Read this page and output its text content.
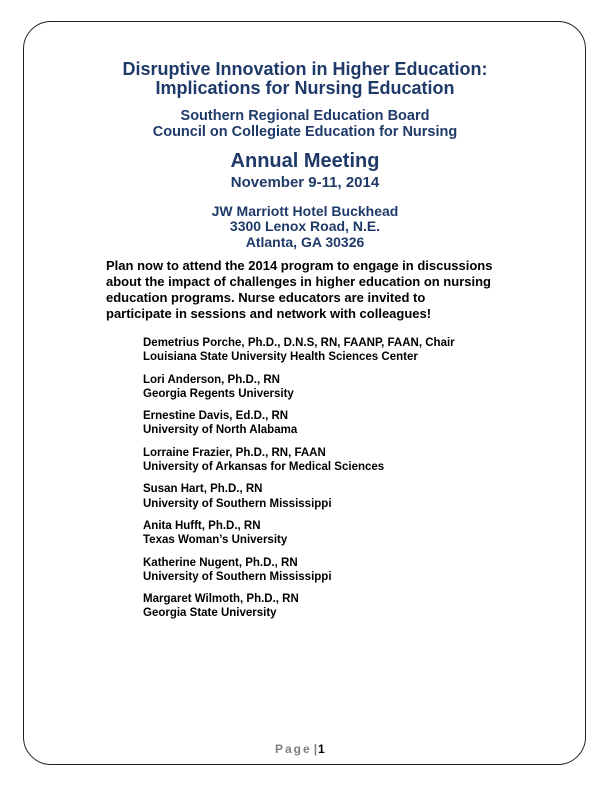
Disruptive Innovation in Higher Education:
Implications for Nursing Education
Southern Regional Education Board
Council on Collegiate Education for Nursing
Annual Meeting
November 9-11, 2014
JW Marriott Hotel Buckhead
3300 Lenox Road, N.E.
Atlanta, GA 30326
Plan now to attend the 2014 program to engage in discussions
about the impact of challenges in higher education on nursing
education programs. Nurse educators are invited to
participate in sessions and network with colleagues!
Demetrius Porche, Ph.D., D.N.S, RN, FAANP, FAAN, Chair
Louisiana State University Health Sciences Center
Lori Anderson, Ph.D., RN
Georgia Regents University
Ernestine Davis, Ed.D., RN
University of North Alabama
Lorraine Frazier, Ph.D., RN, FAAN
University of Arkansas for Medical Sciences
Susan Hart, Ph.D., RN
University of Southern Mississippi
Anita Hufft, Ph.D., RN
Texas Woman’s University
Katherine Nugent, Ph.D., RN
University of Southern Mississippi
Margaret Wilmoth, Ph.D., RN
Georgia State University
Page |1
